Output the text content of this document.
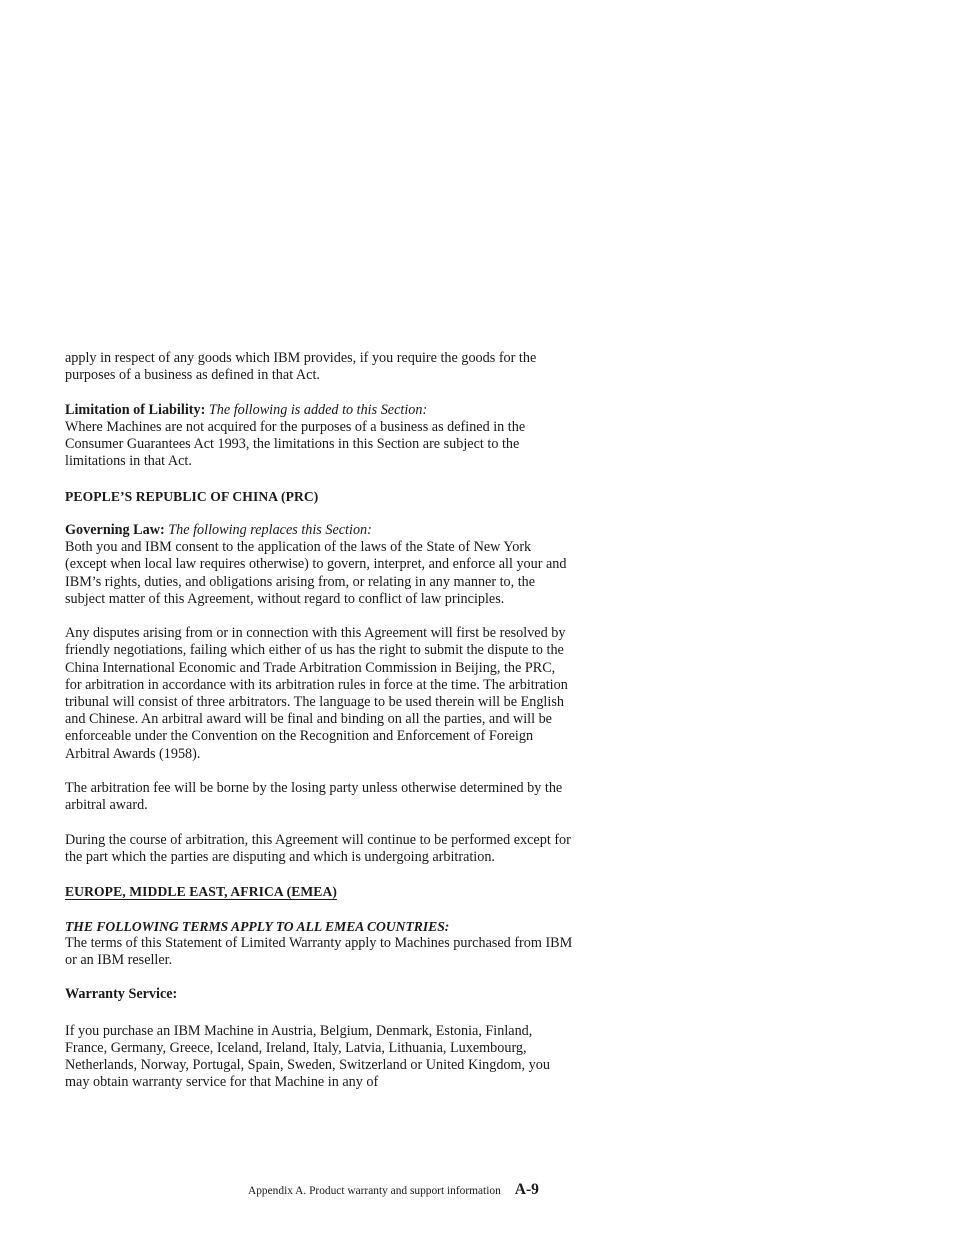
apply in respect of any goods which IBM provides, if you require the goods for the purposes of a business as defined in that Act.

Limitation of Liability: The following is added to this Section:

Where Machines are not acquired for the purposes of a business as defined in the Consumer Guarantees Act 1993, the limitations in this Section are subject to the limitations in that Act.

PEOPLE’S REPUBLIC OF CHINA (PRC)

Governing Law: The following replaces this Section:

Both you and IBM consent to the application of the laws of the State of New York (except when local law requires otherwise) to govern, interpret, and enforce all your and IBM’s rights, duties, and obligations arising from, or relating in any manner to, the subject matter of this Agreement, without regard to conflict of law principles.

Any disputes arising from or in connection with this Agreement will first be resolved by friendly negotiations, failing which either of us has the right to submit the dispute to the China International Economic and Trade Arbitration Commission in Beijing, the PRC, for arbitration in accordance with its arbitration rules in force at the time. The arbitration tribunal will consist of three arbitrators. The language to be used therein will be English and Chinese. An arbitral award will be final and binding on all the parties, and will be enforceable under the Convention on the Recognition and Enforcement of Foreign Arbitral Awards (1958).

The arbitration fee will be borne by the losing party unless otherwise determined by the arbitral award.

During the course of arbitration, this Agreement will continue to be performed except for the part which the parties are disputing and which is undergoing arbitration.

EUROPE, MIDDLE EAST, AFRICA (EMEA)

THE FOLLOWING TERMS APPLY TO ALL EMEA COUNTRIES:
The terms of this Statement of Limited Warranty apply to Machines purchased from IBM or an IBM reseller.

Warranty Service:

If you purchase an IBM Machine in Austria, Belgium, Denmark, Estonia, Finland, France, Germany, Greece, Iceland, Ireland, Italy, Latvia, Lithuania, Luxembourg, Netherlands, Norway, Portugal, Spain, Sweden, Switzerland or United Kingdom, you may obtain warranty service for that Machine in any of

Appendix A. Product warranty and support information A-9
